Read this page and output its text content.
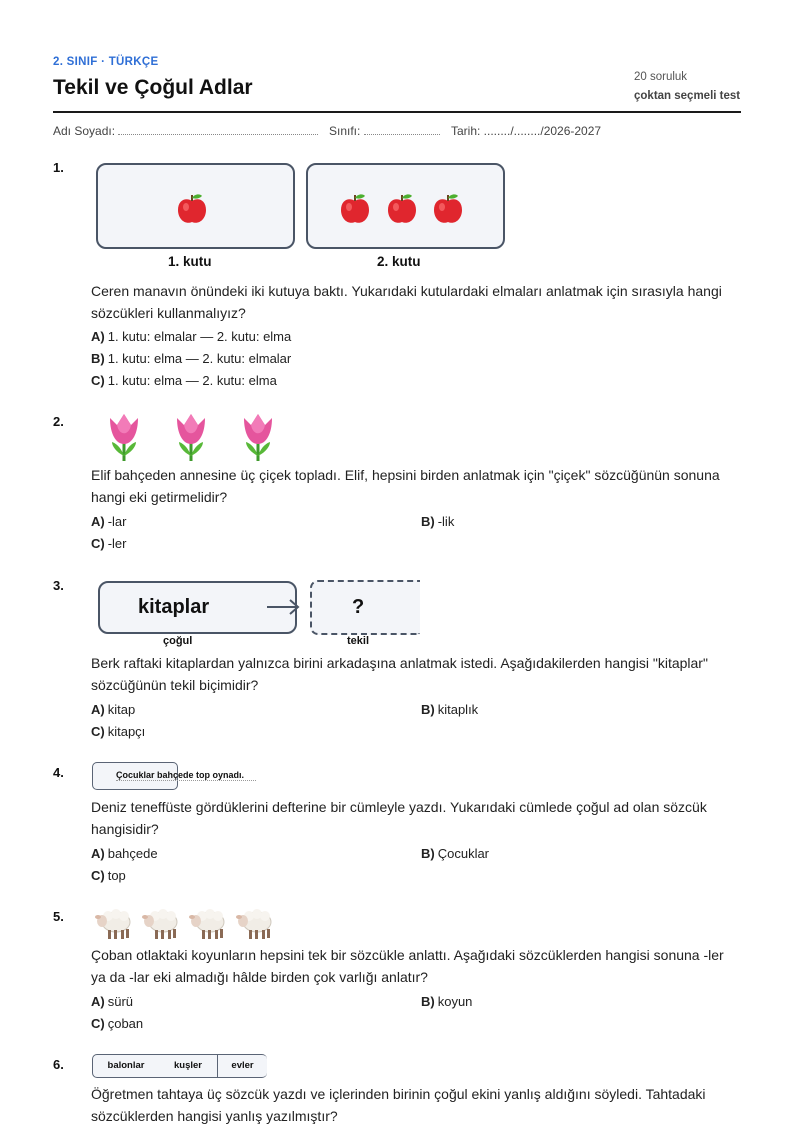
2. SINIF · TÜRKÇE
Tekil ve Çoğul Adlar	20 soruluk
çoktan seçmeli test
Adı Soyadı:	Sınıfı:	Tarih: ......../......../2026-2027
1.
1. kutu	2. kutu
Ceren manavın önündeki iki kutuya baktı. Yukarıdaki kutulardaki elmaları anlatmak için sırasıyla hangi sözcükleri kullanmalıyız?
A) 1. kutu: elmalar — 2. kutu: elma
B) 1. kutu: elma — 2. kutu: elmalar
C) 1. kutu: elma — 2. kutu: elma
2.
Elif bahçeden annesine üç çiçek topladı. Elif, hepsini birden anlatmak için "çiçek" sözcüğünün sonuna hangi eki getirmelidir?
A) -lar	B) -lik
C) -ler
3.
kitaplar	?
çoğul	tekil
Berk raftaki kitaplardan yalnızca birini arkadaşına anlatmak istedi. Aşağıdakilerden hangisi "kitaplar" sözcüğünün tekil biçimidir?
A) kitap	B) kitaplık
C) kitapçı
4.	Çocuklar bahçede top oynadı.
Deniz teneffüste gördüklerini defterine bir cümleyle yazdı. Yukarıdaki cümlede çoğul ad olan sözcük hangisidir?
A) bahçede	B) Çocuklar
C) top
5.
Çoban otlaktaki koyunların hepsini tek bir sözcükle anlattı. Aşağıdaki sözcüklerden hangisi sonuna -ler ya da -lar eki almadığı hâlde birden çok varlığı anlatır?
A) sürü	B) koyun
C) çoban
6.	balonlar	kuşler	evler
Öğretmen tahtaya üç sözcük yazdı ve içlerinden birinin çoğul ekini yanlış aldığını söyledi. Tahtadaki sözcüklerden hangisi yanlış yazılmıştır?
